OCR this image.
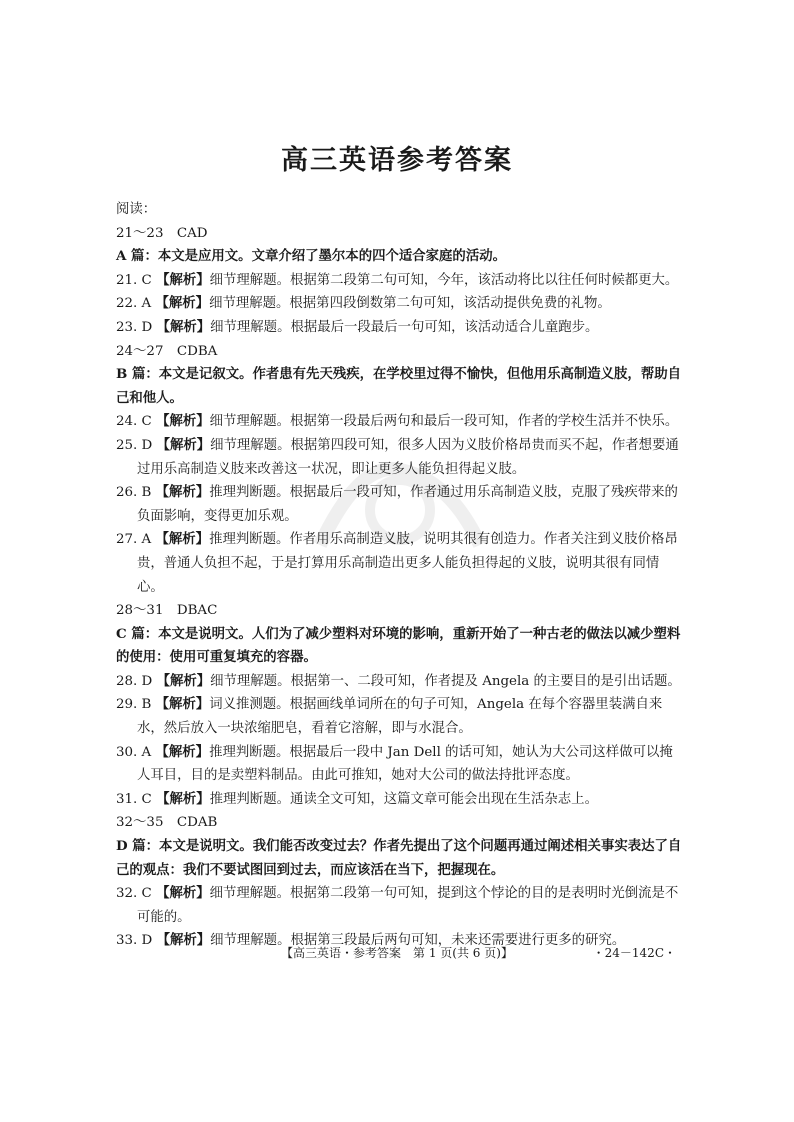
高三英语参考答案
阅读：
21～23　CAD
A 篇：本文是应用文。文章介绍了墨尔本的四个适合家庭的活动。
21. C 【解析】细节理解题。根据第二段第二句可知，今年，该活动将比以往任何时候都更大。
22. A 【解析】细节理解题。根据第四段倒数第二句可知，该活动提供免费的礼物。
23. D 【解析】细节理解题。根据最后一段最后一句可知，该活动适合儿童跑步。
24～27　CDBA
B 篇：本文是记叙文。作者患有先天残疾，在学校里过得不愉快，但他用乐高制造义肢，帮助自己和他人。
24. C 【解析】细节理解题。根据第一段最后两句和最后一段可知，作者的学校生活并不快乐。
25. D 【解析】细节理解题。根据第四段可知，很多人因为义肢价格昂贵而买不起，作者想要通过用乐高制造义肢来改善这一状况，即让更多人能负担得起义肢。
26. B 【解析】推理判断题。根据最后一段可知，作者通过用乐高制造义肢，克服了残疾带来的负面影响，变得更加乐观。
27. A 【解析】推理判断题。作者用乐高制造义肢，说明其很有创造力。作者关注到义肢价格昂贵，普通人负担不起，于是打算用乐高制造出更多人能负担得起的义肢，说明其很有同情心。
28～31　DBAC
C 篇：本文是说明文。人们为了减少塑料对环境的影响，重新开始了一种古老的做法以减少塑料的使用：使用可重复填充的容器。
28. D 【解析】细节理解题。根据第一、二段可知，作者提及 Angela 的主要目的是引出话题。
29. B 【解析】词义推测题。根据画线单词所在的句子可知，Angela 在每个容器里装满自来水，然后放入一块浓缩肥皂，看着它溶解，即与水混合。
30. A 【解析】推理判断题。根据最后一段中 Jan Dell 的话可知，她认为大公司这样做可以掩人耳目，目的是卖塑料制品。由此可推知，她对大公司的做法持批评态度。
31. C 【解析】推理判断题。通读全文可知，这篇文章可能会出现在生活杂志上。
32～35　CDAB
D 篇：本文是说明文。我们能否改变过去？作者先提出了这个问题再通过阐述相关事实表达了自己的观点：我们不要试图回到过去，而应该活在当下，把握现在。
32. C 【解析】细节理解题。根据第二段第一句可知，提到这个悖论的目的是表明时光倒流是不可能的。
33. D 【解析】细节理解题。根据第三段最后两句可知，未来还需要进行更多的研究。
【高三英语・参考答案　第 1 页(共 6 页)】	・24－142C・
